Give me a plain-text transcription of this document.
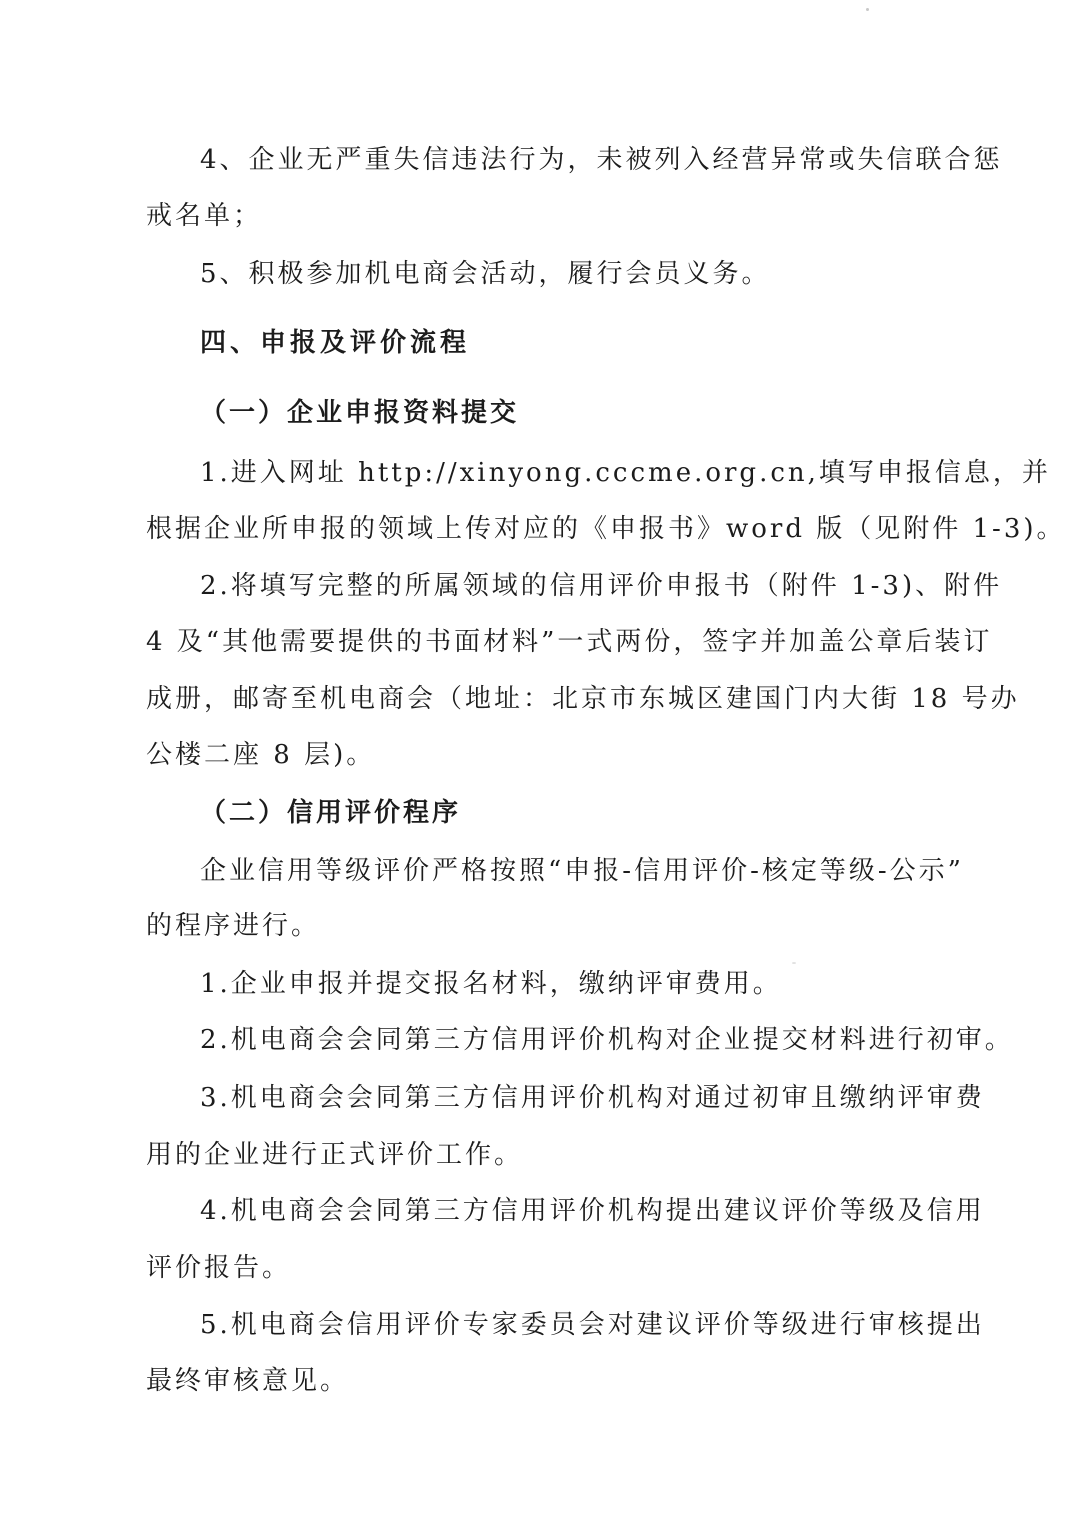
4、企业无严重失信违法行为，未被列入经营异常或失信联合惩

戒名单；

5、积极参加机电商会活动，履行会员义务。

四、申报及评价流程

（一）企业申报资料提交

1.进入网址 http://xinyong.cccme.org.cn,填写申报信息，并

根据企业所申报的领域上传对应的《申报书》word 版（见附件 1-3)。

2.将填写完整的所属领域的信用评价申报书（附件 1-3)、附件

4 及“其他需要提供的书面材料”一式两份，签字并加盖公章后装订

成册，邮寄至机电商会（地址：北京市东城区建国门内大街 18 号办

公楼二座 8 层)。

（二）信用评价程序

企业信用等级评价严格按照“申报-信用评价-核定等级-公示”

的程序进行。

1.企业申报并提交报名材料，缴纳评审费用。

2.机电商会会同第三方信用评价机构对企业提交材料进行初审。

3.机电商会会同第三方信用评价机构对通过初审且缴纳评审费

用的企业进行正式评价工作。

4.机电商会会同第三方信用评价机构提出建议评价等级及信用

评价报告。

5.机电商会信用评价专家委员会对建议评价等级进行审核提出

最终审核意见。
